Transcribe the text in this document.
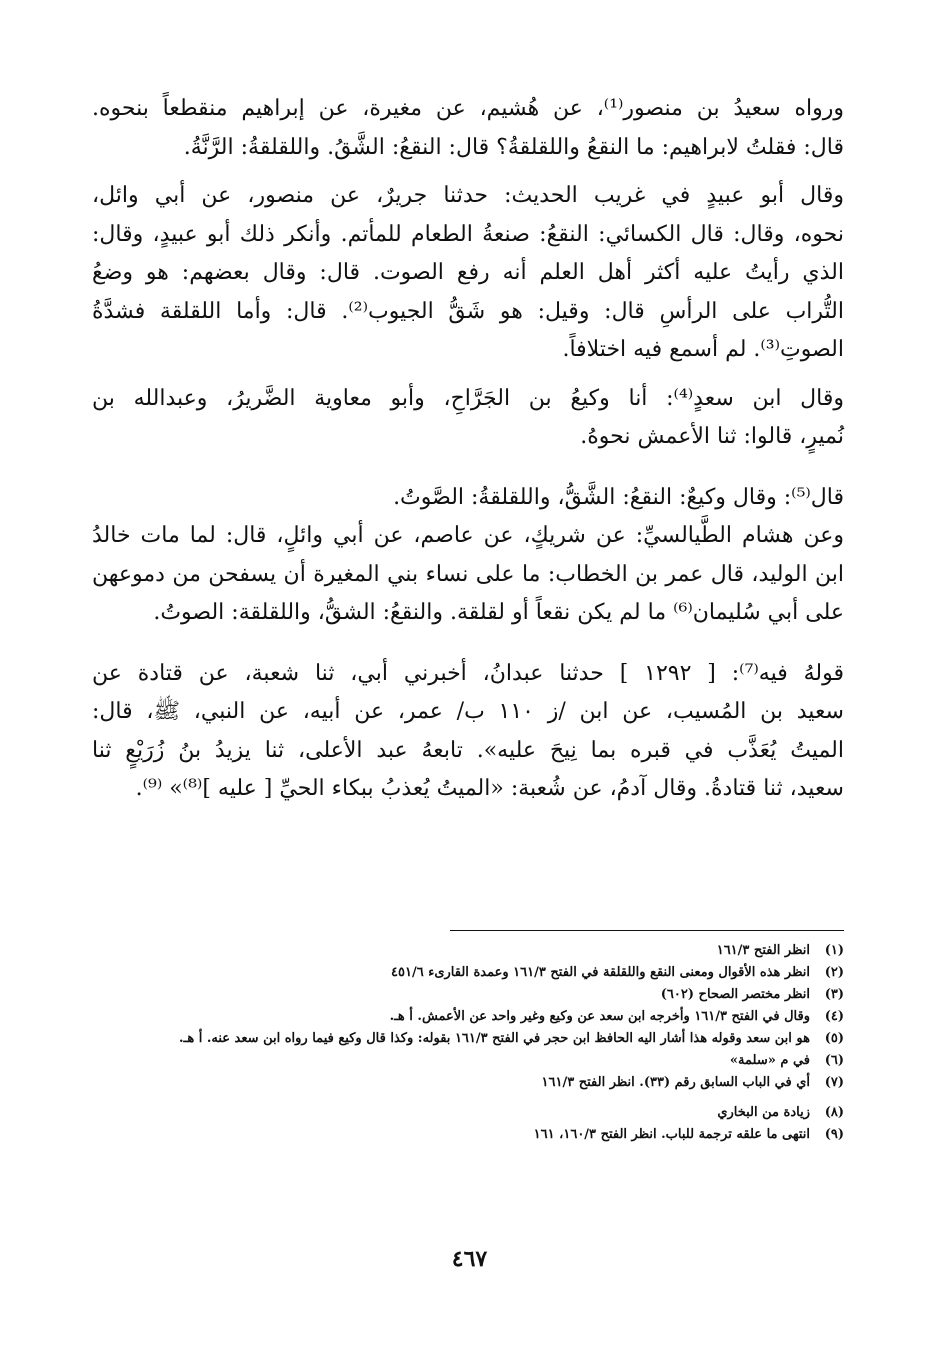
ورواه سعيدُ بن منصور⁽¹⁾، عن هُشيم، عن مغيرة، عن إبراهيم منقطعاً بنحوه.
قال: فقلتُ لابراهيم: ما النقعُ واللقلقةُ؟ قال: النقعُ: الشَّقُ. واللقلقةُ: الرَّنَّةُ.
وقال أبو عبيدٍ في غريب الحديث: حدثنا جريرٌ، عن منصور، عن أبي وائل،
نحوه، وقال: قال الكسائي: النقعُ: صنعةُ الطعام للمأتم. وأنكر ذلك أبو عبيدٍ، وقال:
الذي رأيتُ عليه أكثر أهل العلم أنه رفع الصوت. قال: وقال بعضهم: هو وضعُ
التُّراب على الرأسِ قال: وقيل: هو شَقُّ الجيوب⁽²⁾. قال: وأما اللقلقة فشدَّةُ
الصوتِ⁽³⁾. لم أسمع فيه اختلافاً.
وقال ابن سعدٍ⁽⁴⁾: أنا وكيعُ بن الجَرَّاحِ، وأبو معاوية الضَّريرُ، وعبدالله بن
نُميرٍ، قالوا: ثنا الأعمش نحوهُ.
قال⁽⁵⁾: وقال وكيعٌ: النقعُ: الشَّقُّ، واللقلقةُ: الصَّوتُ.
وعن هشام الطَّيالسيِّ: عن شريكٍ، عن عاصم، عن أبي وائلٍ، قال: لما مات خالدُ
ابن الوليد، قال عمر بن الخطاب: ما على نساء بني المغيرة أن يسفحن من دموعهن
على أبي سُليمان⁽⁶⁾ ما لم يكن نقعاً أو لقلقة. والنقعُ: الشقُّ، واللقلقة: الصوتُ.
قولهُ فيه⁽⁷⁾: [ ١٢٩٢ ] حدثنا عبدانُ، أخبرني أبي، ثنا شعبة، عن قتادة عن
سعيد بن المُسيب، عن ابن /ز ١١٠ ب/ عمر، عن أبيه، عن النبي، ﷺ، قال:
الميتُ يُعَذَّب في قبره بما نِيحَ عليه». تابعهُ عبد الأعلى، ثنا يزيدُ بنُ زُرَيْعٍ ثنا
سعيد، ثنا قتادةُ. وقال آدمُ، عن شُعبة: «الميتُ يُعذبُ ببكاء الحيِّ [ عليه ]⁽⁸⁾» ⁽⁹⁾.
(١)
انظر الفتح ١٦١/٣
(٢)
انظر هذه الأقوال ومعنى النقع واللقلقة في الفتح ١٦١/٣ وعمدة القارىء ٤٥١/٦
(٣)
انظر مختصر الصحاح (٦٠٢)
(٤)
وقال في الفتح ١٦١/٣ وأخرجه ابن سعد عن وكيع وغير واحد عن الأعمش. أ هـ.
(٥)
هو ابن سعد وقوله هذا أشار اليه الحافظ ابن حجر في الفتح ١٦١/٣ بقوله: وكذا قال وكيع فيما رواه ابن سعد عنه. أ هـ.
(٦)
في م «سلمة»
(٧)
أي في الباب السابق رقم (٣٣). انظر الفتح ١٦١/٣
(٨)
زيادة من البخاري
(٩)
انتهى ما علقه ترجمة للباب. انظر الفتح ١٦٠/٣، ١٦١
٤٦٧
